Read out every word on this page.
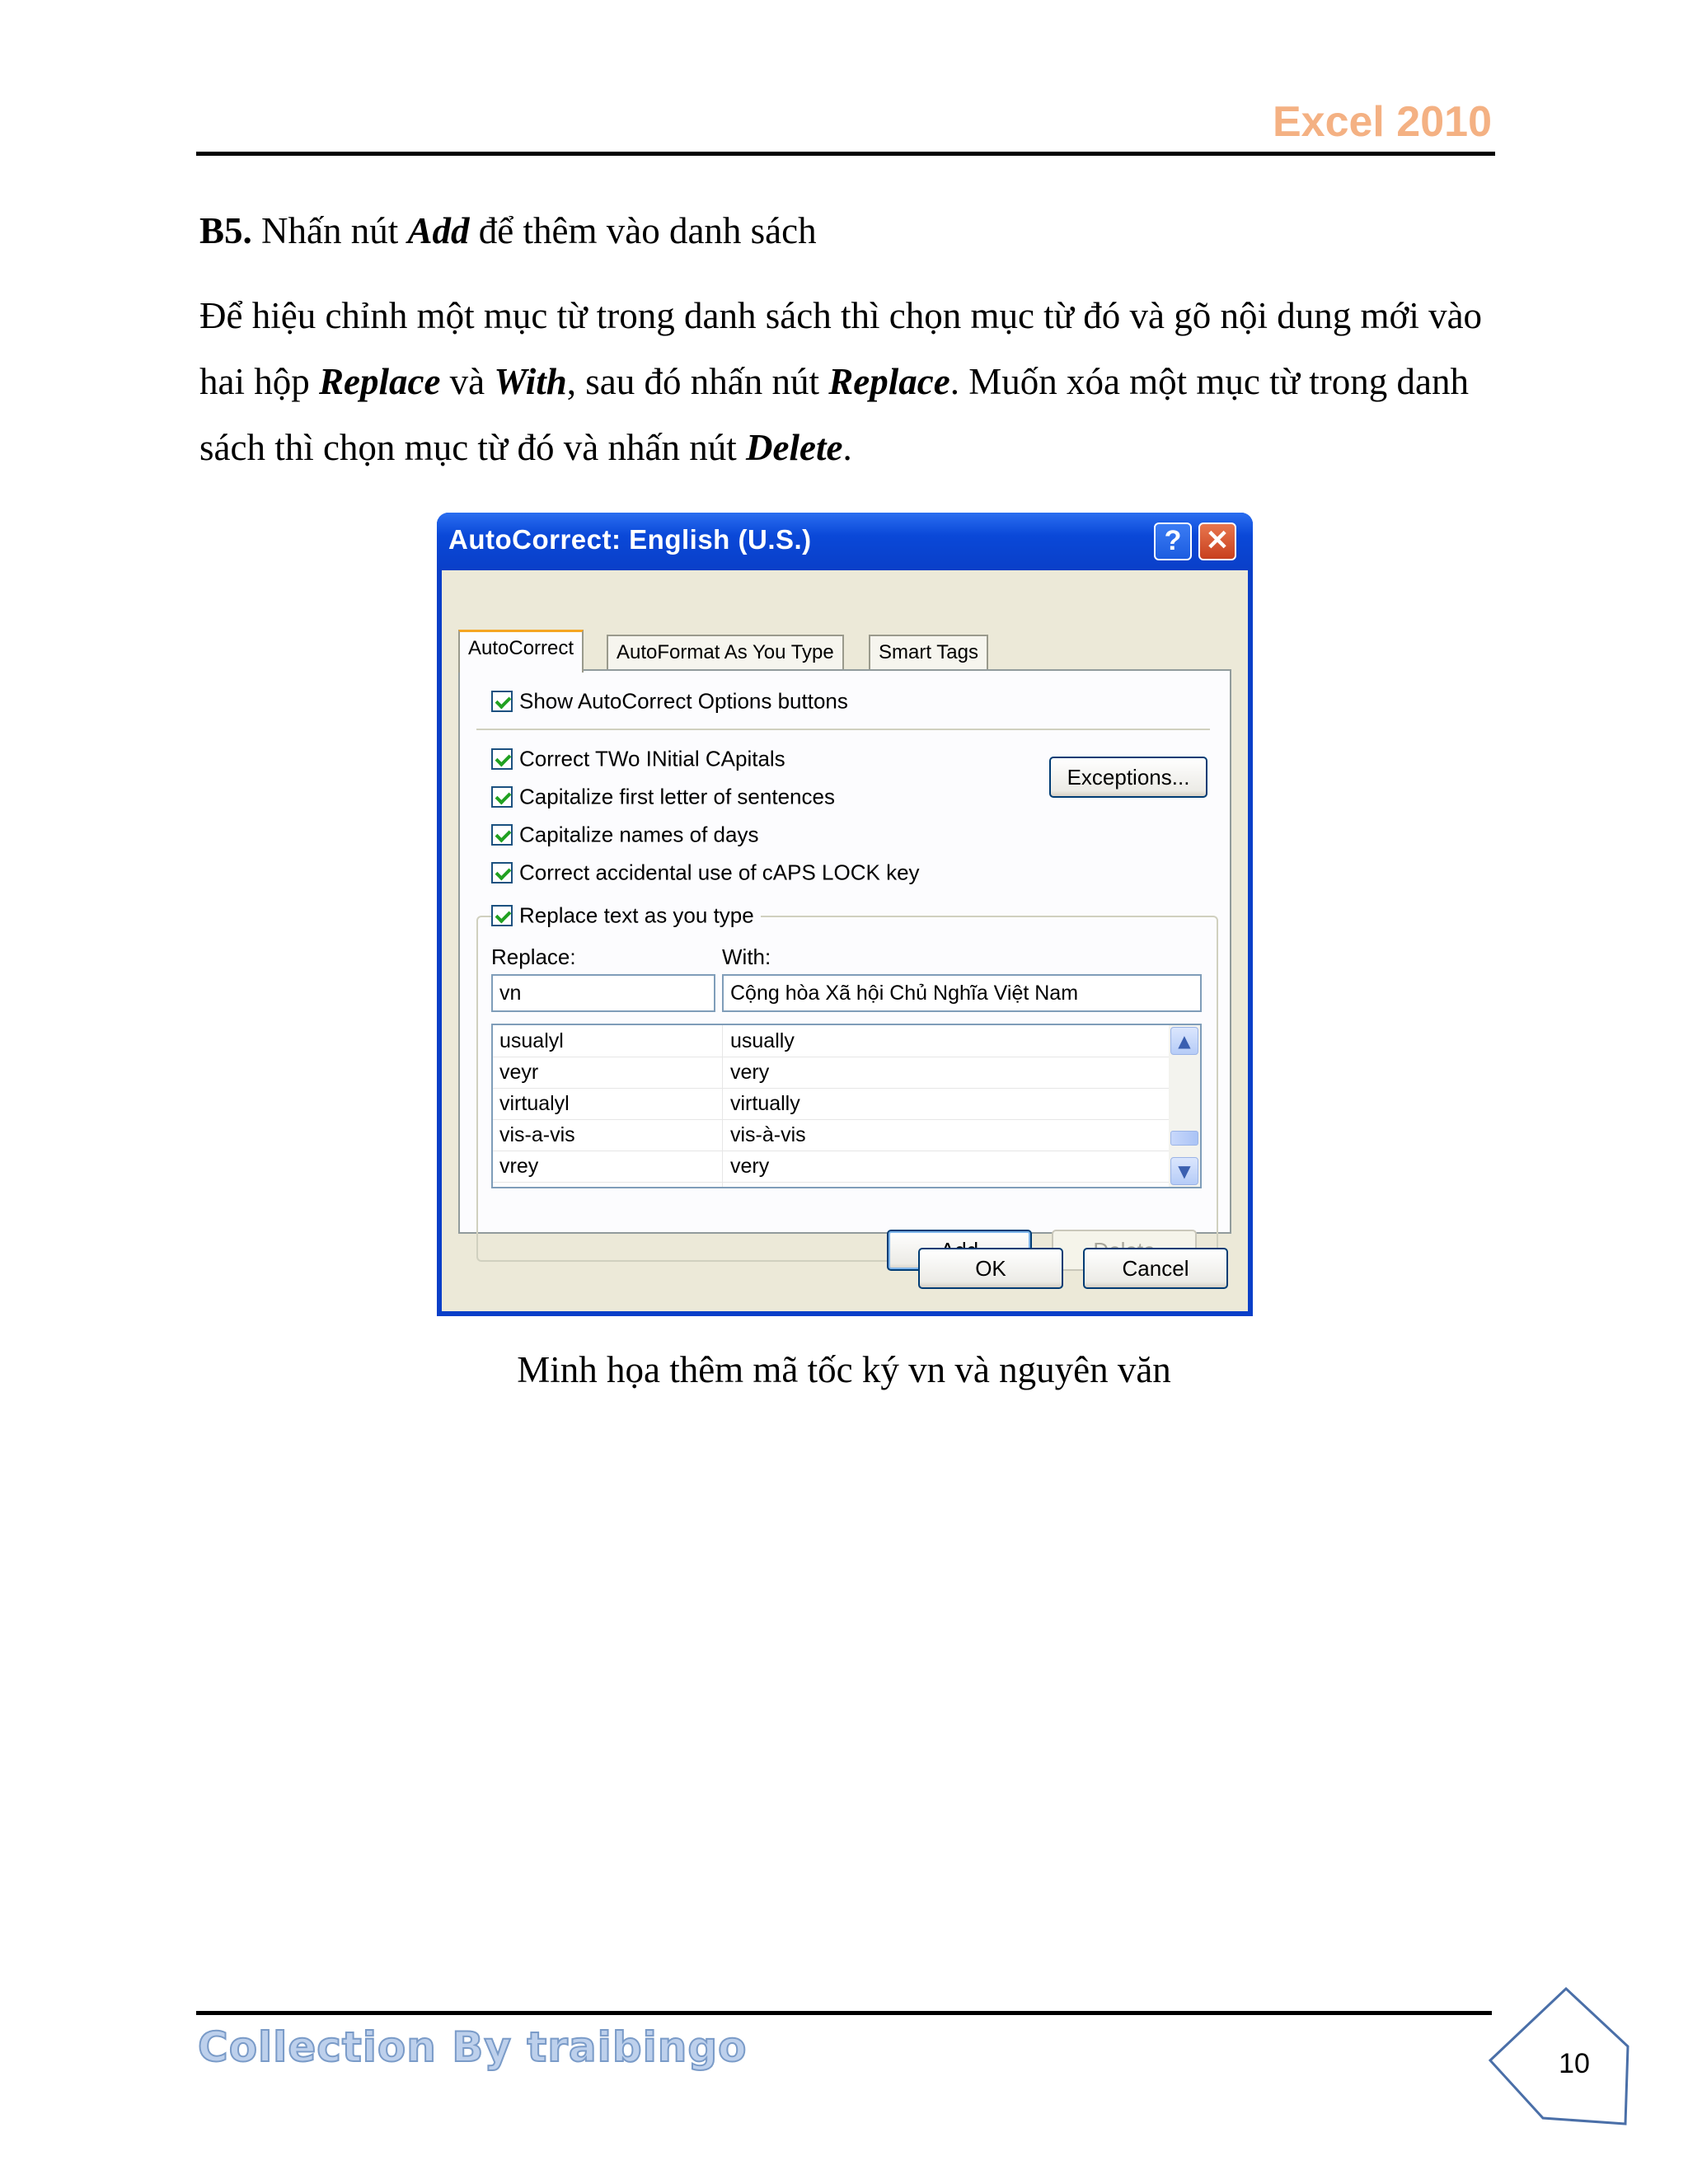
Excel 2010
B5. Nhấn nút Add để thêm vào danh sách
Để hiệu chỉnh một mục từ trong danh sách thì chọn mục từ đó và gõ nội dung mới vào hai hộp Replace và With, sau đó nhấn nút Replace. Muốn xóa một mục từ trong danh sách thì chọn mục từ đó và nhấn nút Delete.
AutoCorrect: English (U.S.)	? ✕
AutoCorrect	AutoFormat As You Type	Smart Tags
Show AutoCorrect Options buttons
Correct TWo INitial CApitals
Capitalize first letter of sentences
Capitalize names of days
Correct accidental use of cAPS LOCK key
Exceptions...
Replace text as you type
Replace:	With:
vn	Cộng hòa Xã hội Chủ Nghĩa Việt Nam
usualyl	usually
veyr	very
virtualyl	virtually
vis-a-vis	vis-à-vis
vrey	very
▲
▼
OK	Cancel
Minh họa thêm mã tốc ký vn và nguyên văn
Collection By traibingo	10
